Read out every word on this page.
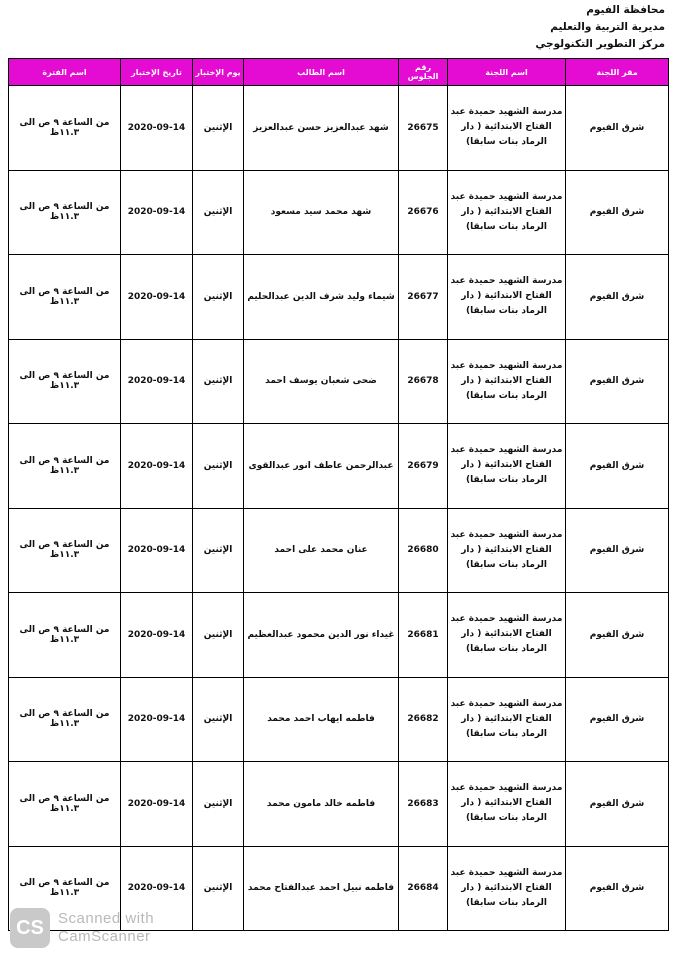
محافظة الفيوم
مديرية التربية والتعليم
مركز التطوير التكنولوجي
اسم الفترة	تاريخ الإختبار	يوم الإختبار	اسم الطالب	رقم الجلوس	اسم اللجنة	مقر اللجنة
من الساعة ٩ ص الى ١١.٣ظ	2020-09-14	الإثنين	شهد عبدالعزيز حسن عبدالعزيز	26675	مدرسة الشهيد حميدة عبد الفتاح الابتدائية ( دار الرماد بنات سابقا)	شرق الفيوم
من الساعة ٩ ص الى ١١.٣ظ	2020-09-14	الإثنين	شهد محمد سيد مسعود	26676	مدرسة الشهيد حميدة عبد الفتاح الابتدائية ( دار الرماد بنات سابقا)	شرق الفيوم
من الساعة ٩ ص الى ١١.٣ظ	2020-09-14	الإثنين	شيماء وليد شرف الدين عبدالحليم	26677	مدرسة الشهيد حميدة عبد الفتاح الابتدائية ( دار الرماد بنات سابقا)	شرق الفيوم
من الساعة ٩ ص الى ١١.٣ظ	2020-09-14	الإثنين	ضحى شعبان يوسف احمد	26678	مدرسة الشهيد حميدة عبد الفتاح الابتدائية ( دار الرماد بنات سابقا)	شرق الفيوم
من الساعة ٩ ص الى ١١.٣ظ	2020-09-14	الإثنين	عبدالرحمن عاطف انور عبدالقوى	26679	مدرسة الشهيد حميدة عبد الفتاح الابتدائية ( دار الرماد بنات سابقا)	شرق الفيوم
من الساعة ٩ ص الى ١١.٣ظ	2020-09-14	الإثنين	عنان محمد على احمد	26680	مدرسة الشهيد حميدة عبد الفتاح الابتدائية ( دار الرماد بنات سابقا)	شرق الفيوم
من الساعة ٩ ص الى ١١.٣ظ	2020-09-14	الإثنين	غيداء نور الدين محمود عبدالعظيم	26681	مدرسة الشهيد حميدة عبد الفتاح الابتدائية ( دار الرماد بنات سابقا)	شرق الفيوم
من الساعة ٩ ص الى ١١.٣ظ	2020-09-14	الإثنين	فاطمه ايهاب احمد محمد	26682	مدرسة الشهيد حميدة عبد الفتاح الابتدائية ( دار الرماد بنات سابقا)	شرق الفيوم
من الساعة ٩ ص الى ١١.٣ظ	2020-09-14	الإثنين	فاطمه خالد مامون محمد	26683	مدرسة الشهيد حميدة عبد الفتاح الابتدائية ( دار الرماد بنات سابقا)	شرق الفيوم
من الساعة ٩ ص الى ١١.٣ظ	2020-09-14	الإثنين	فاطمه نبيل احمد عبدالفتاح محمد	26684	مدرسة الشهيد حميدة عبد الفتاح الابتدائية ( دار الرماد بنات سابقا)	شرق الفيوم
CS Scanned with
CamScanner
